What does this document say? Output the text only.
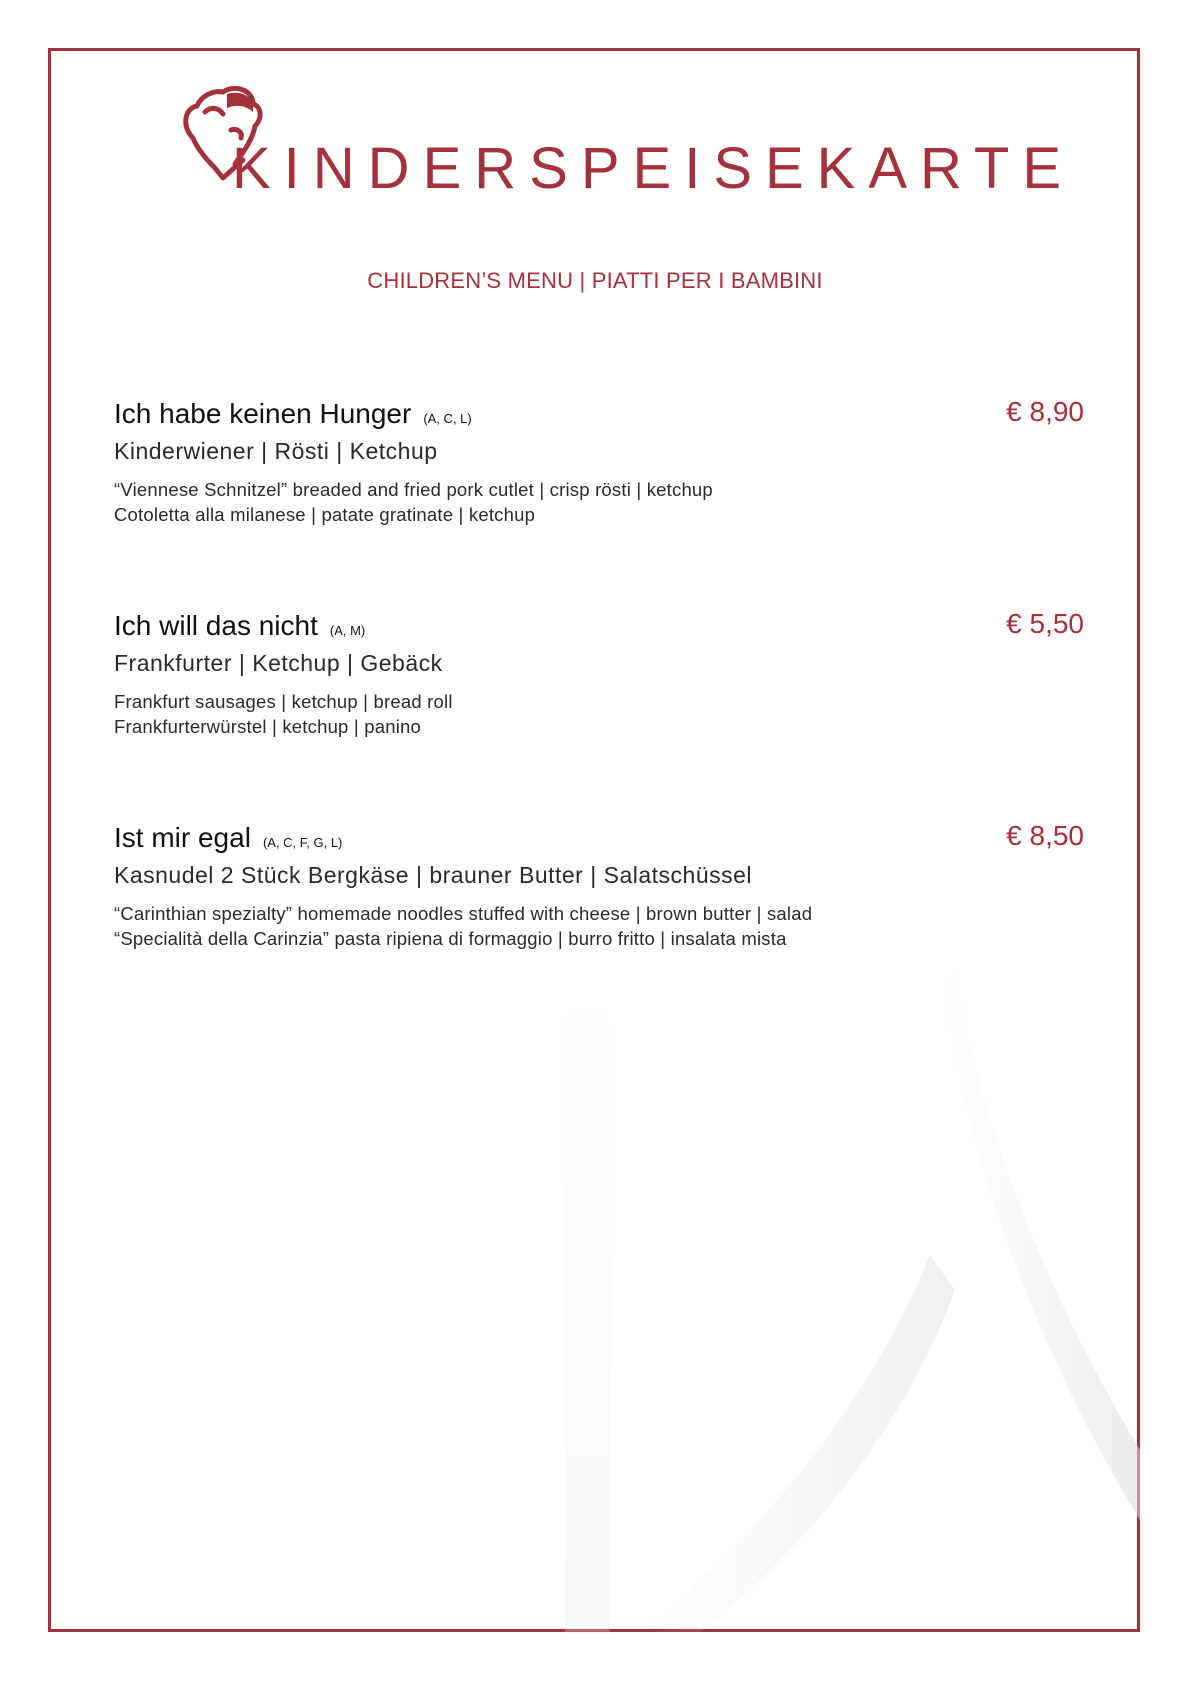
KINDERSPEISEKARTE
CHILDREN’S MENU | PIATTI PER I BAMBINI
Ich habe keinen Hunger (A, C, L)	€ 8,90
Kinderwiener | Rösti | Ketchup
“Viennese Schnitzel” breaded and fried pork cutlet | crisp rösti | ketchup
Cotoletta alla milanese | patate gratinate | ketchup
Ich will das nicht (A, M)	€ 5,50
Frankfurter | Ketchup | Gebäck
Frankfurt sausages | ketchup | bread roll
Frankfurterwürstel | ketchup | panino
Ist mir egal (A, C, F, G, L)	€ 8,50
Kasnudel 2 Stück Bergkäse | brauner Butter | Salatschüssel
“Carinthian spezialty” homemade noodles stuffed with cheese | brown butter | salad
“Specialità della Carinzia” pasta ripiena di formaggio | burro fritto | insalata mista
